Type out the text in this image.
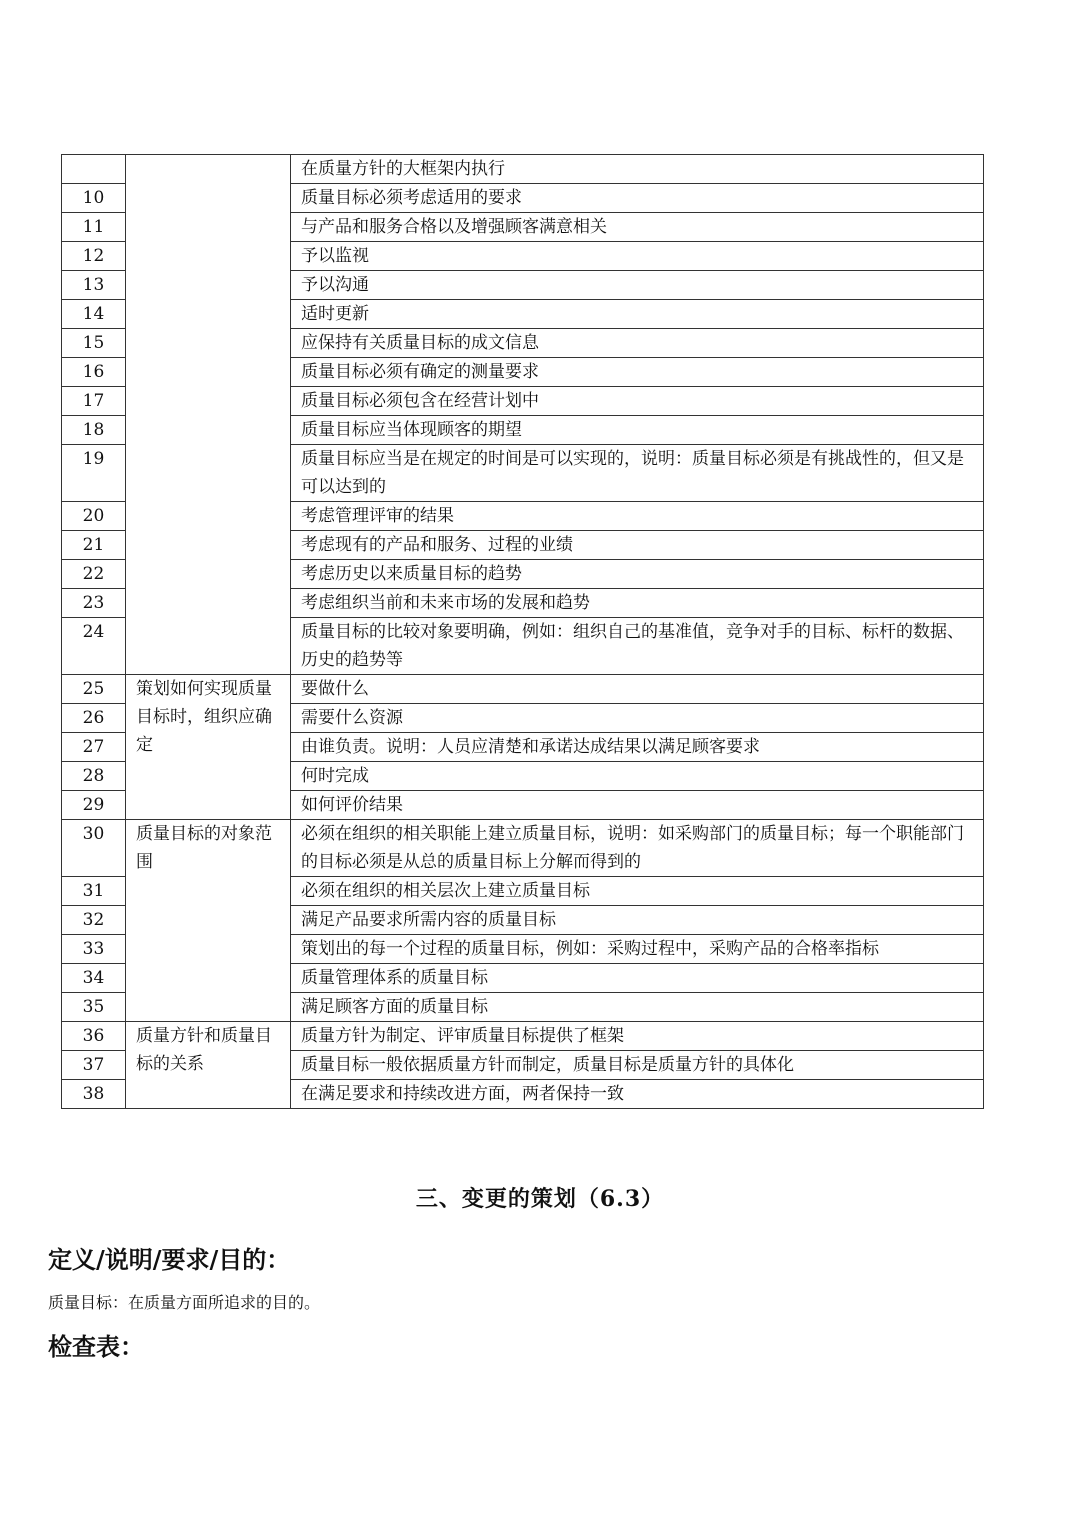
		在质量方针的大框架内执行
10		质量目标必须考虑适用的要求
11		与产品和服务合格以及增强顾客满意相关
12		予以监视
13		予以沟通
14		适时更新
15		应保持有关质量目标的成文信息
16		质量目标必须有确定的测量要求
17		质量目标必须包含在经营计划中
18		质量目标应当体现顾客的期望
19		质量目标应当是在规定的时间是可以实现的，说明：质量目标必须是有挑战性的，但又是可以达到的
20		考虑管理评审的结果
21		考虑现有的产品和服务、过程的业绩
22		考虑历史以来质量目标的趋势
23		考虑组织当前和未来市场的发展和趋势
24		质量目标的比较对象要明确，例如：组织自己的基准值，竞争对手的目标、标杆的数据、历史的趋势等
25	策划如何实现质量目标时，组织应确定	要做什么
26		需要什么资源
27		由谁负责。说明：人员应清楚和承诺达成结果以满足顾客要求
28		何时完成
29		如何评价结果
30	质量目标的对象范围	必须在组织的相关职能上建立质量目标，说明：如采购部门的质量目标；每一个职能部门的目标必须是从总的质量目标上分解而得到的
31		必须在组织的相关层次上建立质量目标
32		满足产品要求所需内容的质量目标
33		策划出的每一个过程的质量目标，例如：采购过程中，采购产品的合格率指标
34		质量管理体系的质量目标
35		满足顾客方面的质量目标
36	质量方针和质量目标的关系	质量方针为制定、评审质量目标提供了框架
37		质量目标一般依据质量方针而制定，质量目标是质量方针的具体化
38		在满足要求和持续改进方面，两者保持一致
三、变更的策划（6.3）
定义/说明/要求/目的：
质量目标：在质量方面所追求的目的。
检查表：
